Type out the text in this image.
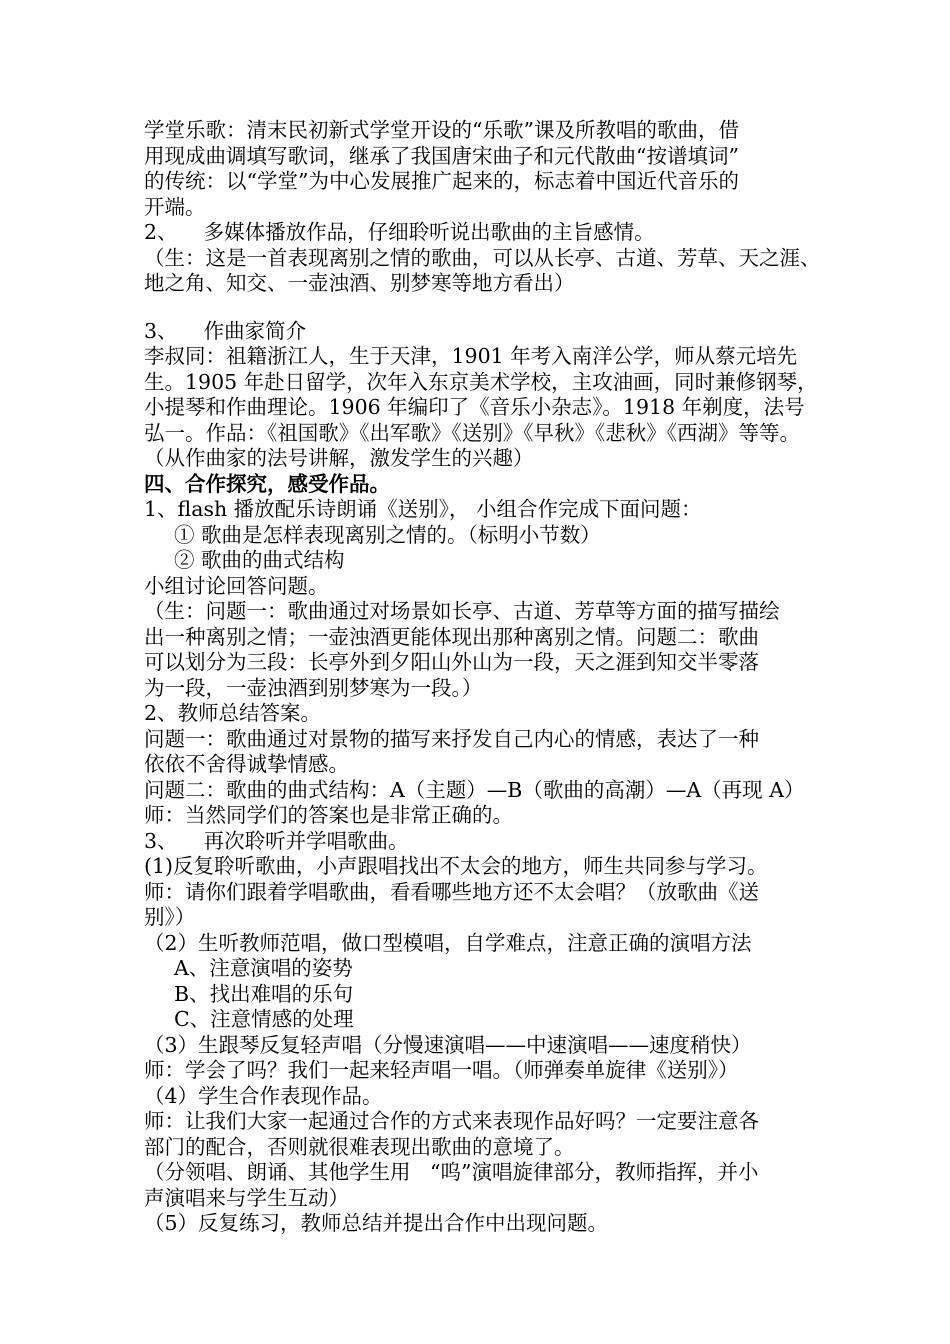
学堂乐歌：清末民初新式学堂开设的“乐歌”课及所教唱的歌曲，借
用现成曲调填写歌词，继承了我国唐宋曲子和元代散曲“按谱填词”
的传统：以“学堂”为中心发展推广起来的，标志着中国近代音乐的
开端。
2、    多媒体播放作品，仔细聆听说出歌曲的主旨感情。
（生：这是一首表现离别之情的歌曲，可以从长亭、古道、芳草、天之涯、
地之角、知交、一壶浊酒、别梦寒等地方看出）
3、    作曲家简介
李叔同：祖籍浙江人，生于天津，1901 年考入南洋公学，师从蔡元培先
生。1905 年赴日留学，次年入东京美术学校，主攻油画，同时兼修钢琴，
小提琴和作曲理论。1906 年编印了《音乐小杂志》。1918 年剃度，法号
弘一。作品：《祖国歌》《出军歌》《送别》《早秋》《悲秋》《西湖》等等。
（从作曲家的法号讲解，激发学生的兴趣）
四、合作探究，感受作品。
1、flash 播放配乐诗朗诵《送别》， 小组合作完成下面问题：
① 歌曲是怎样表现离别之情的。（标明小节数）
② 歌曲的曲式结构
小组讨论回答问题。
（生：问题一：歌曲通过对场景如长亭、古道、芳草等方面的描写描绘
出一种离别之情；一壶浊酒更能体现出那种离别之情。问题二：歌曲
可以划分为三段：长亭外到夕阳山外山为一段，天之涯到知交半零落
为一段，一壶浊酒到别梦寒为一段。）
2、教师总结答案。
问题一：歌曲通过对景物的描写来抒发自己内心的情感，表达了一种
依依不舍得诚挚情感。
问题二：歌曲的曲式结构：A（主题）—B（歌曲的高潮）—A（再现 A）
师：当然同学们的答案也是非常正确的。
3、    再次聆听并学唱歌曲。
(1)反复聆听歌曲，小声跟唱找出不太会的地方，师生共同参与学习。
师：请你们跟着学唱歌曲，看看哪些地方还不太会唱？（放歌曲《送
别》）
（2）生听教师范唱，做口型模唱，自学难点，注意正确的演唱方法
A、注意演唱的姿势
B、找出难唱的乐句
C、注意情感的处理
（3）生跟琴反复轻声唱（分慢速演唱——中速演唱——速度稍快）
师：学会了吗？我们一起来轻声唱一唱。（师弹奏单旋律《送别》）
（4）学生合作表现作品。
师：让我们大家一起通过合作的方式来表现作品好吗？一定要注意各
部门的配合，否则就很难表现出歌曲的意境了。
（分领唱、朗诵、其他学生用   “呜”演唱旋律部分，教师指挥，并小
声演唱来与学生互动）
（5）反复练习，教师总结并提出合作中出现问题。
